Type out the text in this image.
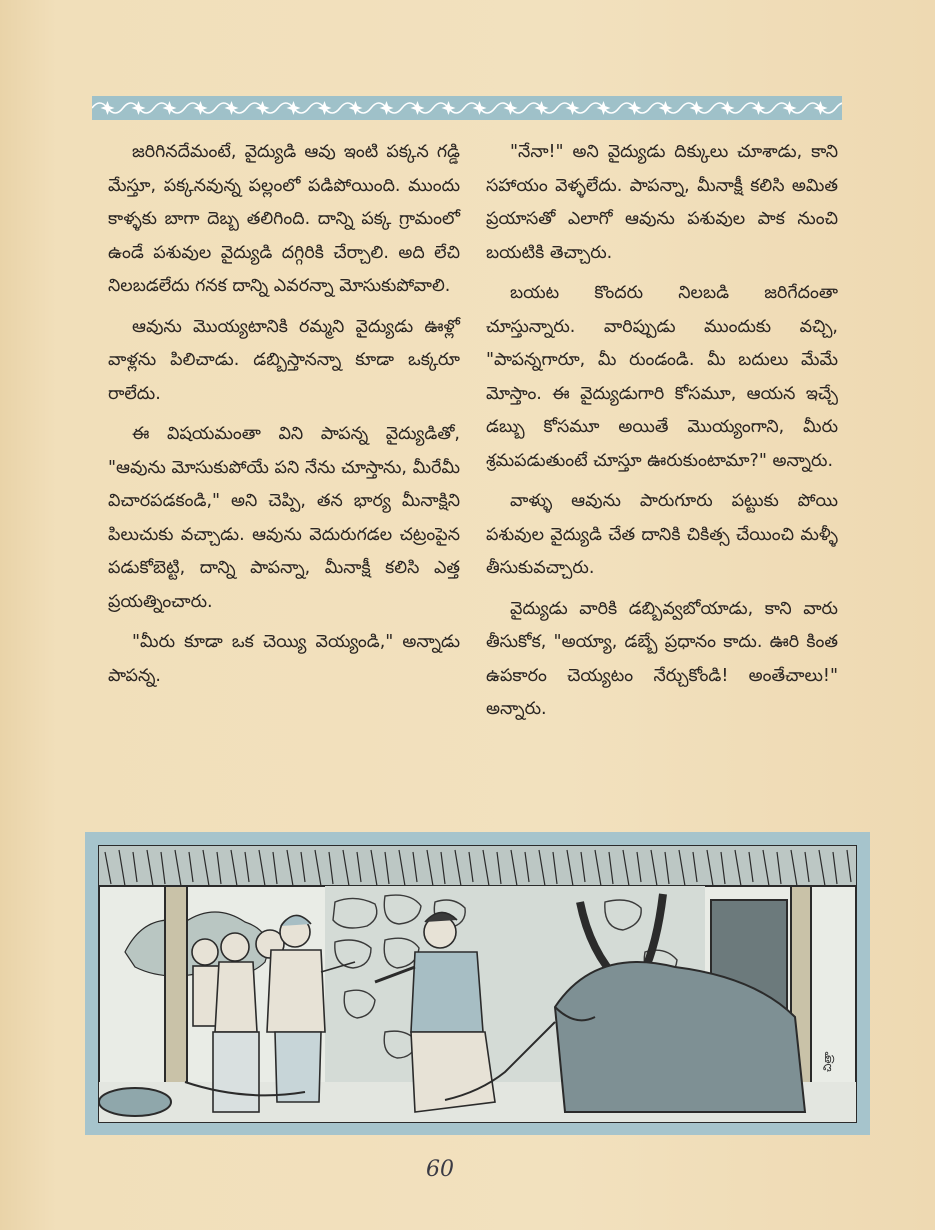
జరిగినదేమంటే, వైద్యుడి ఆవు ఇంటి పక్కన గడ్డి మేస్తూ, పక్కనవున్న పల్లంలో పడిపోయింది. ముందు కాళ్ళకు బాగా దెబ్బ తలిగింది. దాన్ని పక్క గ్రామంలో ఉండే పశువుల వైద్యుడి దగ్గిరికి చేర్చాలి. అది లేచి నిలబడలేదు గనక దాన్ని ఎవరన్నా మోసుకుపోవాలి.

ఆవును మొయ్యటానికి రమ్మని వైద్యుడు ఊళ్లో వాళ్లను పిలిచాడు. డబ్బిస్తానన్నా కూడా ఒక్కరూ రాలేదు.

ఈ విషయమంతా విని పాపన్న వైద్యుడితో, "ఆవును మోసుకుపోయే పని నేను చూస్తాను, మీరేమీ విచారపడకండి," అని చెప్పి, తన భార్య మీనాక్షిని పిలుచుకు వచ్చాడు. ఆవును వెదురుగడల చట్రంపైన పడుకోబెట్టి, దాన్ని పాపన్నా, మీనాక్షీ కలిసి ఎత్త ప్రయత్నించారు.

"మీరు కూడా ఒక చెయ్యి వెయ్యండి," అన్నాడు పాపన్న.

"నేనా!" అని వైద్యుడు దిక్కులు చూశాడు, కాని సహాయం వెళ్ళలేదు. పాపన్నా, మీనాక్షీ కలిసి అమిత ప్రయాసతో ఎలాగో ఆవును పశువుల పాక నుంచి బయటికి తెచ్చారు.

బయట కొందరు నిలబడి జరిగేదంతా చూస్తున్నారు. వారిప్పుడు ముందుకు వచ్చి, "పాపన్నగారూ, మీ రుండండి. మీ బదులు మేమే మోస్తాం. ఈ వైద్యుడుగారి కోసమూ, ఆయన ఇచ్చే డబ్బు కోసమూ అయితే మొయ్యంగాని, మీరు శ్రమపడుతుంటే చూస్తూ ఊరుకుంటామా?" అన్నారు.

వాళ్ళు ఆవును పారుగూరు పట్టుకు పోయి పశువుల వైద్యుడి చేత దానికి చికిత్స చేయించి మళ్ళీ తీసుకువచ్చారు.

వైద్యుడు వారికి డబ్బివ్వబోయాడు, కాని వారు తీసుకోక, "అయ్యా, డబ్బే ప్రధానం కాదు. ఊరి కింత ఉపకారం చెయ్యటం నేర్చుకోండి! అంతేచాలు!" అన్నారు.

చిత్రా
60
